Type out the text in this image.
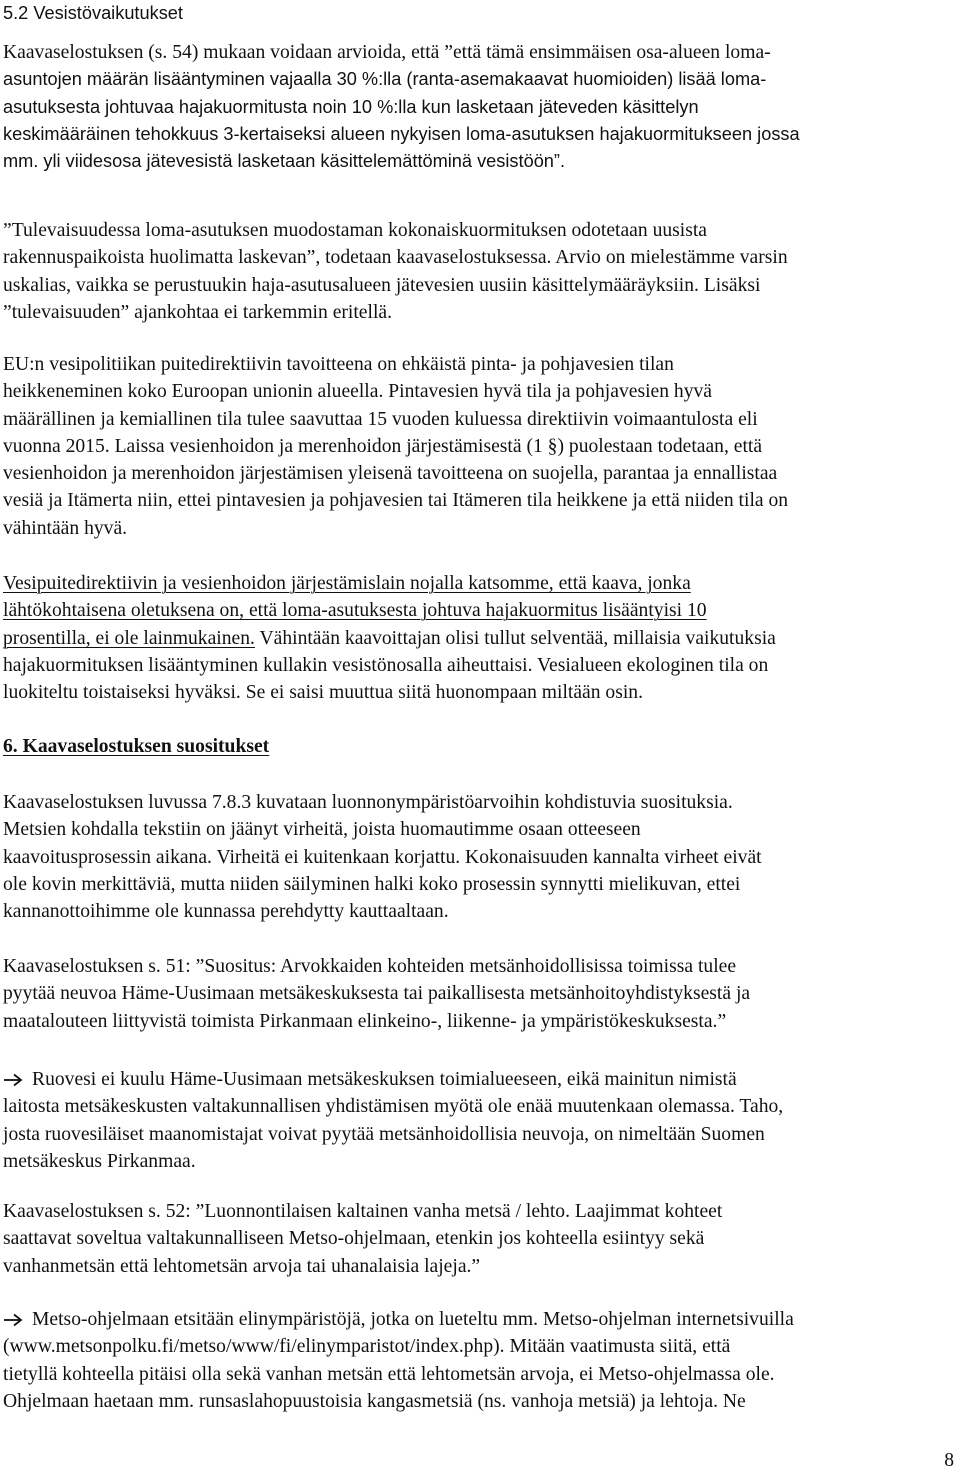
5.2 Vesistövaikutukset
Kaavaselostuksen (s. 54) mukaan voidaan arvioida, että ”että tämä ensimmäisen osa-alueen loma-
asuntojen määrän lisääntyminen vajaalla 30 %:lla (ranta-asemakaavat huomioiden) lisää loma-
asutuksesta johtuvaa hajakuormitusta noin 10 %:lla kun lasketaan jäteveden käsittelyn
keskimääräinen tehokkuus 3-kertaiseksi alueen nykyisen loma-asutuksen hajakuormitukseen jossa
mm. yli viidesosa jätevesistä lasketaan käsittelemättöminä vesistöön”.
”Tulevaisuudessa loma-asutuksen muodostaman kokonaiskuormituksen odotetaan uusista
rakennuspaikoista huolimatta laskevan”, todetaan kaavaselostuksessa. Arvio on mielestämme varsin
uskalias, vaikka se perustuukin haja-asutusalueen jätevesien uusiin käsittelymääräyksiin. Lisäksi
”tulevaisuuden” ajankohtaa ei tarkemmin eritellä.
EU:n vesipolitiikan puitedirektiivin tavoitteena on ehkäistä pinta- ja pohjavesien tilan
heikkeneminen koko Euroopan unionin alueella. Pintavesien hyvä tila ja pohjavesien hyvä
määrällinen ja kemiallinen tila tulee saavuttaa 15 vuoden kuluessa direktiivin voimaantulosta eli
vuonna 2015. Laissa vesienhoidon ja merenhoidon järjestämisestä (1 §) puolestaan todetaan, että
vesienhoidon ja merenhoidon järjestämisen yleisenä tavoitteena on suojella, parantaa ja ennallistaa
vesiä ja Itämerta niin, ettei pintavesien ja pohjavesien tai Itämeren tila heikkene ja että niiden tila on
vähintään hyvä.
Vesipuitedirektiivin ja vesienhoidon järjestämislain nojalla katsomme, että kaava, jonka
lähtökohtaisena oletuksena on, että loma-asutuksesta johtuva hajakuormitus lisääntyisi 10
prosentilla, ei ole lainmukainen. Vähintään kaavoittajan olisi tullut selventää, millaisia vaikutuksia
hajakuormituksen lisääntyminen kullakin vesistönosalla aiheuttaisi. Vesialueen ekologinen tila on
luokiteltu toistaiseksi hyväksi. Se ei saisi muuttua siitä huonompaan miltään osin.
6. Kaavaselostuksen suositukset
Kaavaselostuksen luvussa 7.8.3 kuvataan luonnonympäristöarvoihin kohdistuvia suosituksia.
Metsien kohdalla tekstiin on jäänyt virheitä, joista huomautimme osaan otteeseen
kaavoitusprosessin aikana. Virheitä ei kuitenkaan korjattu. Kokonaisuuden kannalta virheet eivät
ole kovin merkittäviä, mutta niiden säilyminen halki koko prosessin synnytti mielikuvan, ettei
kannanottoihimme ole kunnassa perehdytty kauttaaltaan.
Kaavaselostuksen s. 51: ”Suositus: Arvokkaiden kohteiden metsänhoidollisissa toimissa tulee
pyytää neuvoa Häme-Uusimaan metsäkeskuksesta tai paikallisesta metsänhoitoyhdistyksestä ja
maatalouteen liittyvistä toimista Pirkanmaan elinkeino-, liikenne- ja ympäristökeskuksesta.”
Ruovesi ei kuulu Häme-Uusimaan metsäkeskuksen toimialueeseen, eikä mainitun nimistä
laitosta metsäkeskusten valtakunnallisen yhdistämisen myötä ole enää muutenkaan olemassa. Taho,
josta ruovesiläiset maanomistajat voivat pyytää metsänhoidollisia neuvoja, on nimeltään Suomen
metsäkeskus Pirkanmaa.
Kaavaselostuksen s. 52: ”Luonnontilaisen kaltainen vanha metsä / lehto. Laajimmat kohteet
saattavat soveltua valtakunnalliseen Metso-ohjelmaan, etenkin jos kohteella esiintyy sekä
vanhanmetsän että lehtometsän arvoja tai uhanalaisia lajeja.”
Metso-ohjelmaan etsitään elinympäristöjä, jotka on lueteltu mm. Metso-ohjelman internetsivuilla
(www.metsonpolku.fi/metso/www/fi/elinymparistot/index.php). Mitään vaatimusta siitä, että
tietyllä kohteella pitäisi olla sekä vanhan metsän että lehtometsän arvoja, ei Metso-ohjelmassa ole.
Ohjelmaan haetaan mm. runsaslahopuustoisia kangasmetsiä (ns. vanhoja metsiä) ja lehtoja. Ne
8
